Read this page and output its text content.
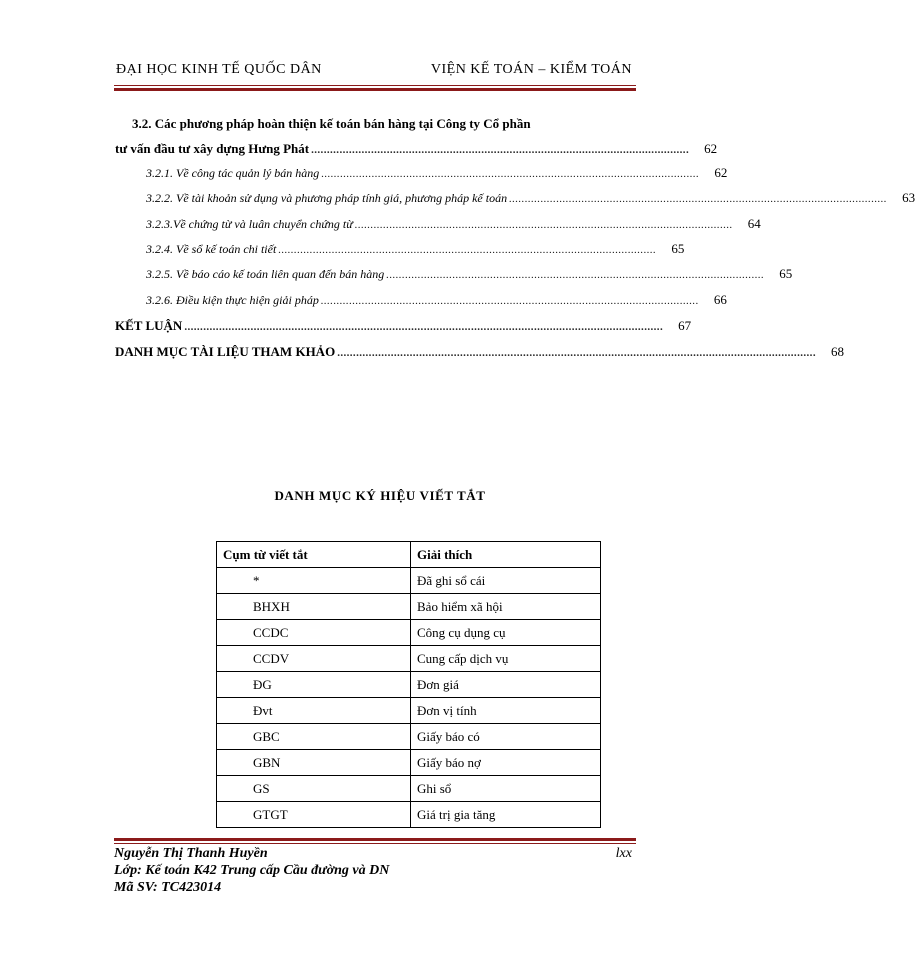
ĐẠI HỌC KINH TẾ QUỐC DÂN	VIỆN KẾ TOÁN – KIỂM TOÁN
3.2. Các phương pháp hoàn thiện kế toán bán hàng tại Công ty Cổ phần
tư vấn đầu tư xây dựng Hưng Phát ........................................................................................................................	62
3.2.1. Về công tác quản lý bán hàng ........................................................................................................................	62
3.2.2. Về tài khoản sử dụng và phương pháp tính giá, phương pháp kế toán ........................................................................................................................	63
3.2.3.Về chứng từ và luân chuyển chứng từ ........................................................................................................................	64
3.2.4. Về sổ kế toán chi tiết ........................................................................................................................	65
3.2.5. Về báo cáo kế toán liên quan đến bán hàng ........................................................................................................................	65
3.2.6. Điều kiện thực hiện giải pháp ........................................................................................................................	66
KẾT LUẬN ........................................................................................................................................................	67
DANH MỤC TÀI LIỆU THAM KHẢO ........................................................................................................................................................	68
DANH MỤC KÝ HIỆU VIẾT TẮT
Cụm từ viết tắt	Giải thích
*	Đã ghi sổ cái
BHXH	Bảo hiểm xã hội
CCDC	Công cụ dụng cụ
CCDV	Cung cấp dịch vụ
ĐG	Đơn giá
Đvt	Đơn vị tính
GBC	Giấy báo có
GBN	Giấy báo nợ
GS	Ghi sổ
GTGT	Giá trị gia tăng
Nguyễn Thị Thanh Huyền
Lớp: Kế toán K42 Trung cấp Cầu đường và DN
Mã SV: TC423014
lxx
